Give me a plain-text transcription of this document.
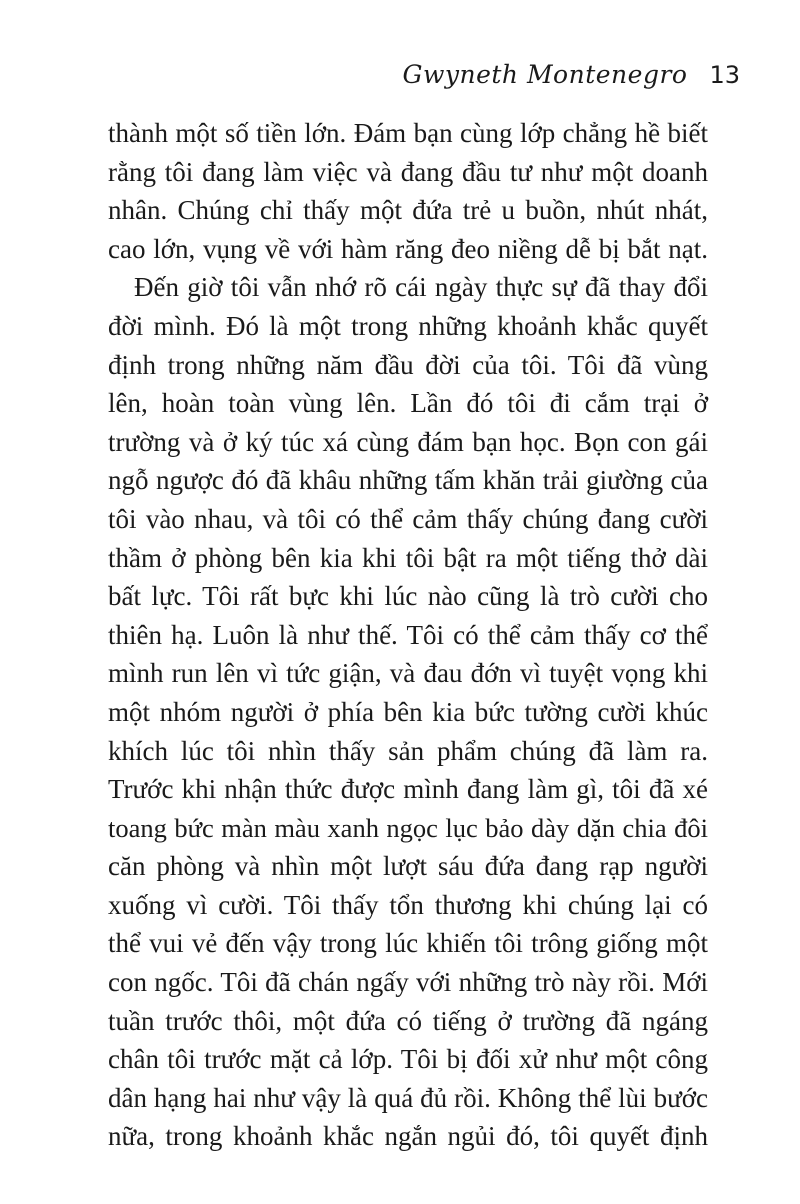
Gwyneth Montenegro 13
thành một số tiền lớn. Đám bạn cùng lớp chẳng hề biết
rằng tôi đang làm việc và đang đầu tư như một doanh
nhân. Chúng chỉ thấy một đứa trẻ u buồn, nhút nhát,
cao lớn, vụng về với hàm răng đeo niềng dễ bị bắt nạt.
Đến giờ tôi vẫn nhớ rõ cái ngày thực sự đã thay đổi
đời mình. Đó là một trong những khoảnh khắc quyết
định trong những năm đầu đời của tôi. Tôi đã vùng
lên, hoàn toàn vùng lên. Lần đó tôi đi cắm trại ở
trường và ở ký túc xá cùng đám bạn học. Bọn con gái
ngỗ ngược đó đã khâu những tấm khăn trải giường của
tôi vào nhau, và tôi có thể cảm thấy chúng đang cười
thầm ở phòng bên kia khi tôi bật ra một tiếng thở dài
bất lực. Tôi rất bực khi lúc nào cũng là trò cười cho
thiên hạ. Luôn là như thế. Tôi có thể cảm thấy cơ thể
mình run lên vì tức giận, và đau đớn vì tuyệt vọng khi
một nhóm người ở phía bên kia bức tường cười khúc
khích lúc tôi nhìn thấy sản phẩm chúng đã làm ra.
Trước khi nhận thức được mình đang làm gì, tôi đã xé
toang bức màn màu xanh ngọc lục bảo dày dặn chia đôi
căn phòng và nhìn một lượt sáu đứa đang rạp người
xuống vì cười. Tôi thấy tổn thương khi chúng lại có
thể vui vẻ đến vậy trong lúc khiến tôi trông giống một
con ngốc. Tôi đã chán ngấy với những trò này rồi. Mới
tuần trước thôi, một đứa có tiếng ở trường đã ngáng
chân tôi trước mặt cả lớp. Tôi bị đối xử như một công
dân hạng hai như vậy là quá đủ rồi. Không thể lùi bước
nữa, trong khoảnh khắc ngắn ngủi đó, tôi quyết định
